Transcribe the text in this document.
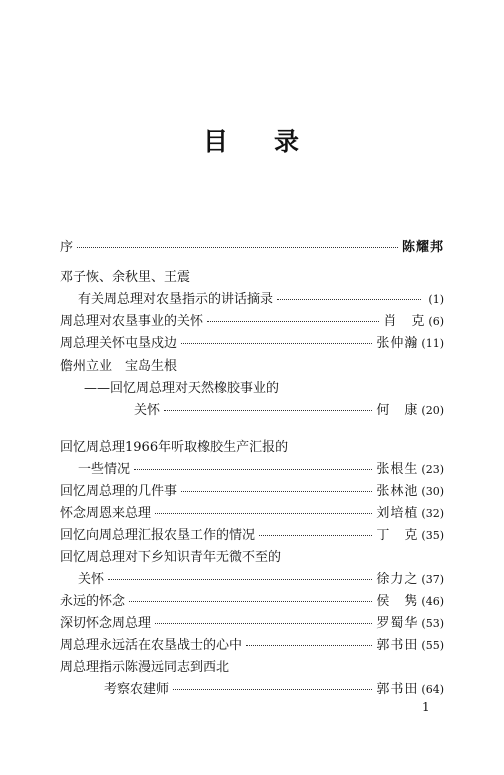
目 录
序	陈耀邦
邓子恢、余秋里、王震
有关周总理对农垦指示的讲话摘录	(1)
周总理对农垦事业的关怀	肖　克 (6)
周总理关怀屯垦戍边	张仲瀚 (11)
儋州立业　宝岛生根
——回忆周总理对天然橡胶事业的
关怀	何　康 (20)
回忆周总理1966年听取橡胶生产汇报的
一些情况	张根生 (23)
回忆周总理的几件事	张林池 (30)
怀念周恩来总理	刘培植 (32)
回忆向周总理汇报农垦工作的情况	丁　克 (35)
回忆周总理对下乡知识青年无微不至的
关怀	徐力之 (37)
永远的怀念	侯　隽 (46)
深切怀念周总理	罗蜀华 (53)
周总理永远活在农垦战士的心中	郭书田 (55)
周总理指示陈漫远同志到西北
考察农建师	郭书田 (64)
1
